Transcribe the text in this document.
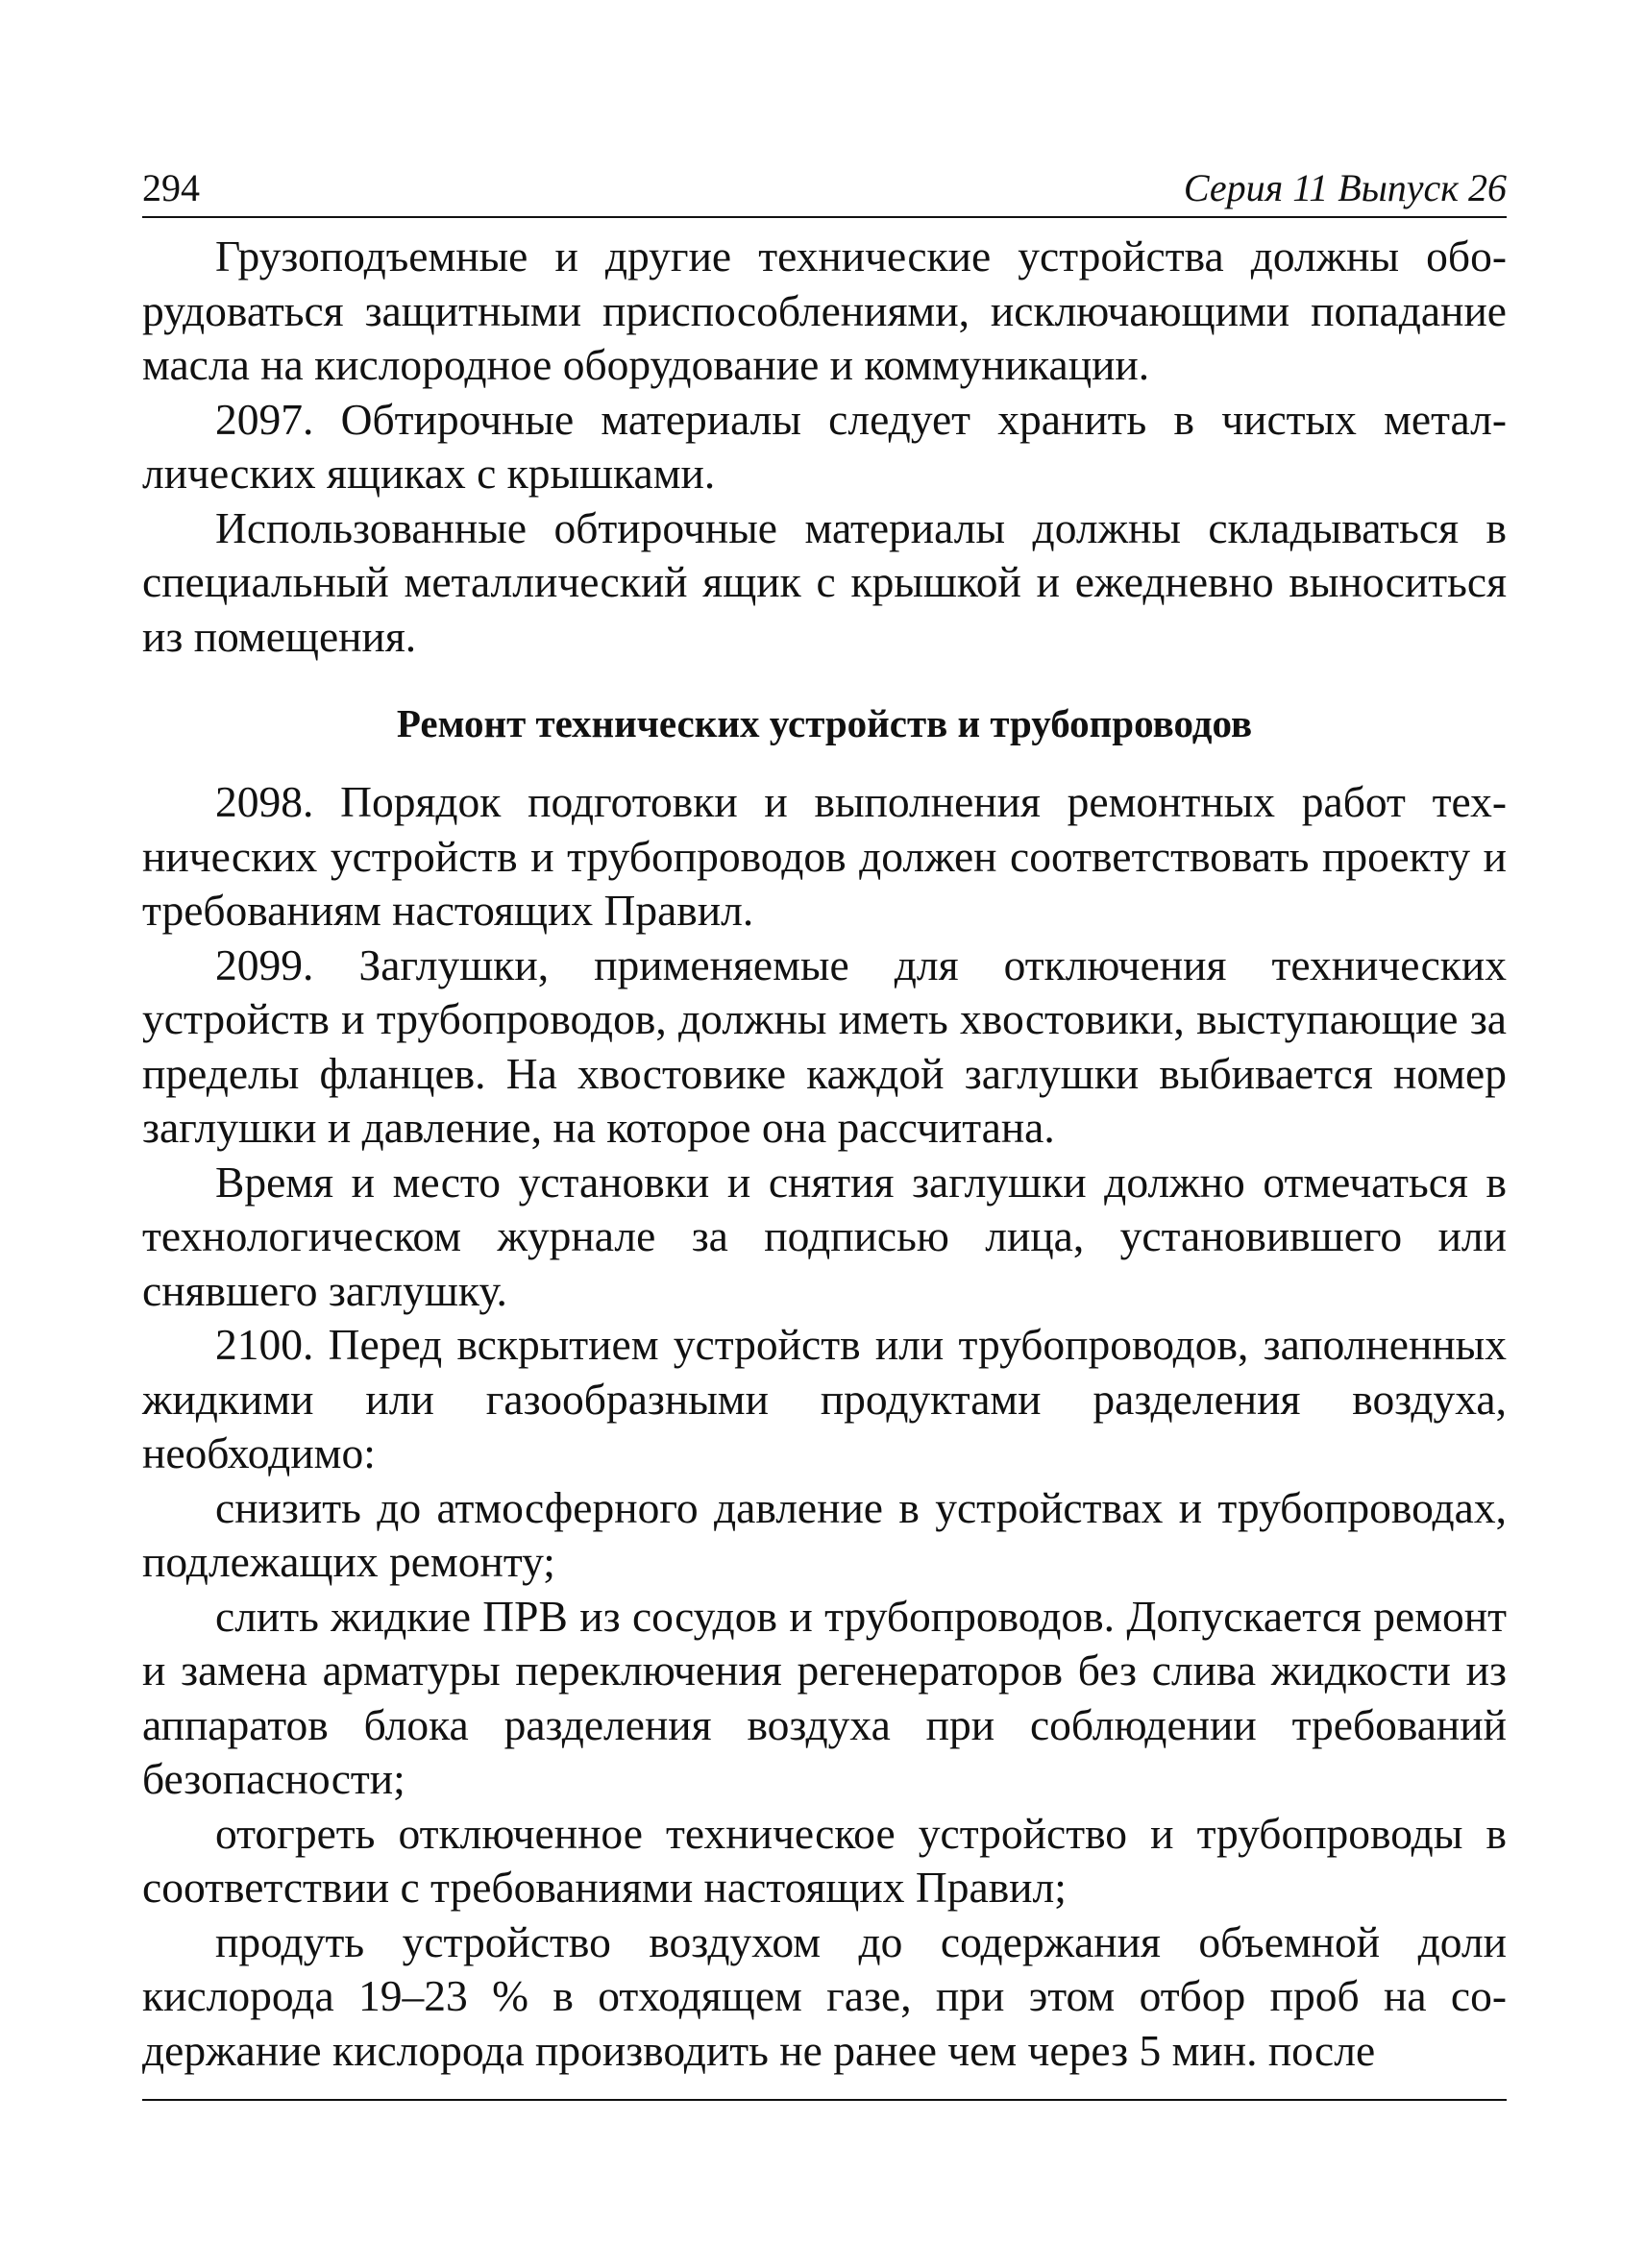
294	Серия 11 Выпуск 26

Грузоподъемные и другие технические устройства должны оборудоваться защитными приспособлениями, исключающими попадание масла на кислородное оборудование и коммуникации.

2097. Обтирочные материалы следует хранить в чистых металлических ящиках с крышками.

Использованные обтирочные материалы должны складываться в специальный металлический ящик с крышкой и ежедневно выноситься из помещения.

Ремонт технических устройств и трубопроводов

2098. Порядок подготовки и выполнения ремонтных работ технических устройств и трубопроводов должен соответствовать проекту и требованиям настоящих Правил.

2099. Заглушки, применяемые для отключения технических устройств и трубопроводов, должны иметь хвостовики, выступающие за пределы фланцев. На хвостовике каждой заглушки выбивается номер заглушки и давление, на которое она рассчитана.

Время и место установки и снятия заглушки должно отмечаться в технологическом журнале за подписью лица, установившего или снявшего заглушку.

2100. Перед вскрытием устройств или трубопроводов, заполненных жидкими или газообразными продуктами разделения воздуха, необходимо:

снизить до атмосферного давление в устройствах и трубопроводах, подлежащих ремонту;

слить жидкие ПРВ из сосудов и трубопроводов. Допускается ремонт и замена арматуры переключения регенераторов без слива жидкости из аппаратов блока разделения воздуха при соблюдении требований безопасности;

отогреть отключенное техническое устройство и трубопроводы в соответствии с требованиями настоящих Правил;

продуть устройство воздухом до содержания объемной доли кислорода 19–23 % в отходящем газе, при этом отбор проб на содержание кислорода производить не ранее чем через 5 мин. после
